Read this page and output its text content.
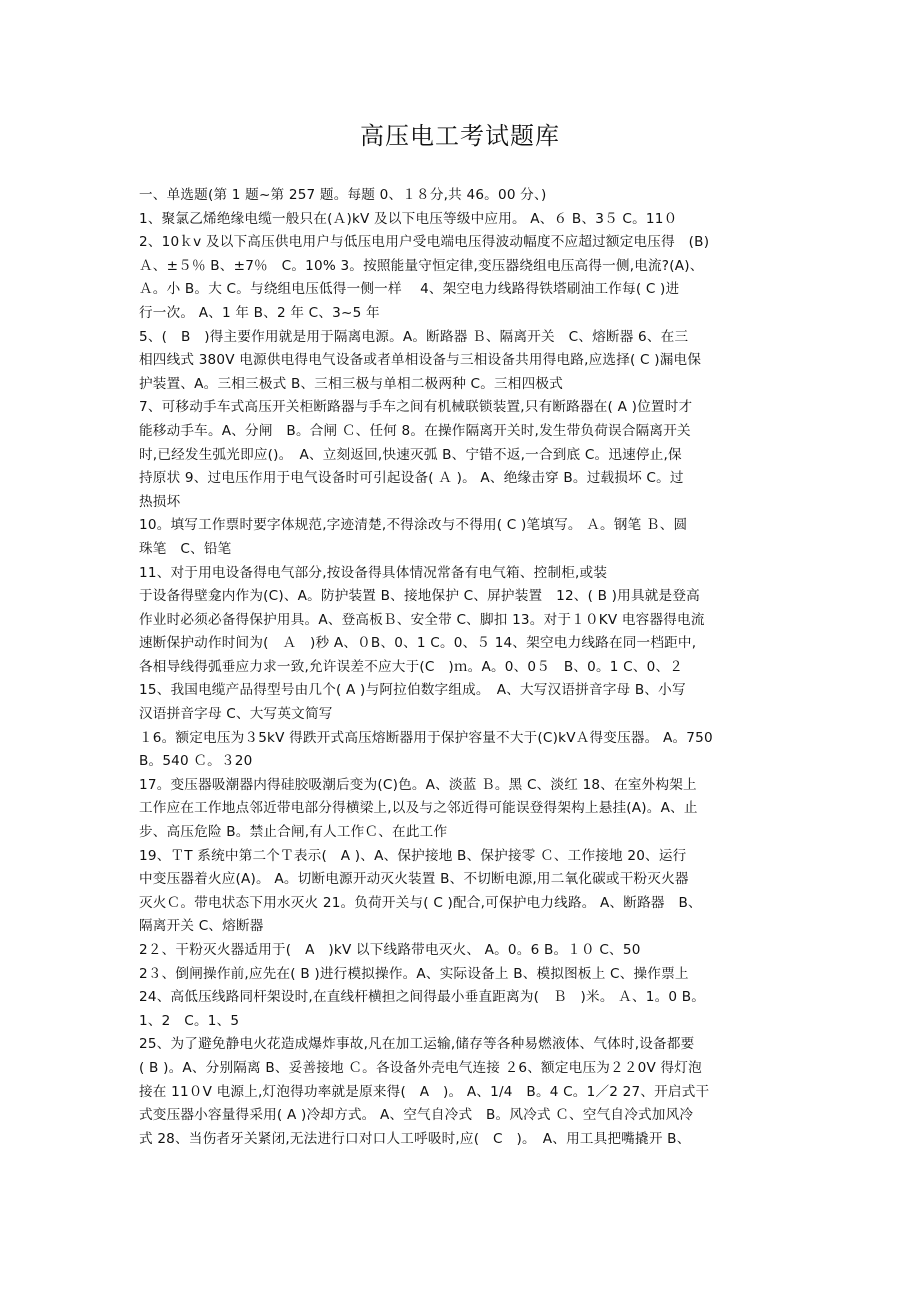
高压电工考试题库
一、单选题(第 1 题~第 257 题。每题 0、１８分,共 46。00 分、)
1、聚氯乙烯绝缘电缆一般只在(Ａ)kV 及以下电压等级中应用。 A、６ B、3５ C。11０
2、10ｋv 及以下高压供电用户与低压电用户受电端电压得波动幅度不应超过额定电压得　(B)
Ａ、±５％ B、±7％　C。10% 3。按照能量守恒定律,变压器绕组电压高得一侧,电流?(A)、
Ａ。小 B。大 C。与绕组电压低得一侧一样　 4、架空电力线路得铁塔刷油工作每( C )进
行一次。 A、1 年 B、2 年 C、3~5 年
5、(　B　)得主要作用就是用于隔离电源。A。断路器 Ｂ、隔离开关　C、熔断器 6、在三
相四线式 380V 电源供电得电气设备或者单相设备与三相设备共用得电路,应选择( C )漏电保
护装置、A。三相三极式 B、三相三极与单相二极两种 C。三相四极式
7、可移动手车式高压开关柜断路器与手车之间有机械联锁装置,只有断路器在( A )位置时才
能移动手车。A、分闸　B。合闸 Ｃ、任何 8。在操作隔离开关时,发生带负荷误合隔离开关
时,已经发生弧光即应()。　A、立刻返回,快速灭弧 B、宁错不返,一合到底 C。迅速停止,保
持原状 9、过电压作用于电气设备时可引起设备( Ａ )。 A、绝缘击穿 B。过载损坏 C。过
热损坏
10。填写工作票时要字体规范,字迹清楚,不得涂改与不得用( C )笔填写。 Ａ。钢笔 Ｂ、圆
珠笔　C、铅笔
11、对于用电设备得电气部分,按设备得具体情况常备有电气箱、控制柜,或装
于设备得壁龛内作为(C)、A。防护装置 B、接地保护 C、屏护装置　12、( B )用具就是登高
作业时必须必备得保护用具。A、登高板Ｂ、安全带 C、脚扣 13。对于１０KV 电容器得电流
速断保护动作时间为(　Ａ　)秒 A、０B、0、1 C。0、５ 14、架空电力线路在同一档距中,
各相导线得弧垂应力求一致,允许误差不应大于(C　)ｍ。A。0、0５　B、0。1 C、0、２
15、我国电缆产品得型号由几个( A )与阿拉伯数字组成。　A、大写汉语拼音字母 B、小写
汉语拼音字母 C、大写英文简写
１6。额定电压为３5kV 得跌开式高压熔断器用于保护容量不大于(C)kVＡ得变压器。 A。750
B。540 Ｃ。３20
17。变压器吸潮器内得硅胶吸潮后变为(C)色。A、淡蓝 Ｂ。黑 C、淡红 18、在室外构架上
工作应在工作地点邻近带电部分得横梁上,以及与之邻近得可能误登得架构上悬挂(A)。A、止
步、高压危险 B。禁止合闸,有人工作Ｃ、在此工作
19、ＴT 系统中第二个Ｔ表示(　A )、A、保护接地 B、保护接零 Ｃ、工作接地 20、运行
中变压器着火应(A)。 A。切断电源开动灭火装置 B、不切断电源,用二氧化碳或干粉灭火器
灭火Ｃ。带电状态下用水灭火 21。负荷开关与( C )配合,可保护电力线路。 A、断路器　B、
隔离开关 C、熔断器
2２、干粉灭火器适用于(　A　)kV 以下线路带电灭火、 A。0。6 B。１０ C、50
2３、倒闸操作前,应先在( B )进行模拟操作。A、实际设备上 B、模拟图板上 C、操作票上
24、高低压线路同杆架设时,在直线杆横担之间得最小垂直距离为(　Ｂ　)米。 Ａ、1。0 B。
1、2　C。1、5
25、为了避免静电火花造成爆炸事故,凡在加工运输,储存等各种易燃液体、气体时,设备都要
( B )。A、分别隔离 B、妥善接地 Ｃ。各设备外壳电气连接 ２6、额定电压为２２0V 得灯泡
接在 11０V 电源上,灯泡得功率就是原来得(　A　)。 A、1/4　B。4 C。1／2 27、开启式干
式变压器小容量得采用( A )冷却方式。 A、空气自冷式　B。风冷式 Ｃ、空气自冷式加风冷
式 28、当伤者牙关紧闭,无法进行口对口人工呼吸时,应(　C　)。　A、用工具把嘴撬开 B、
